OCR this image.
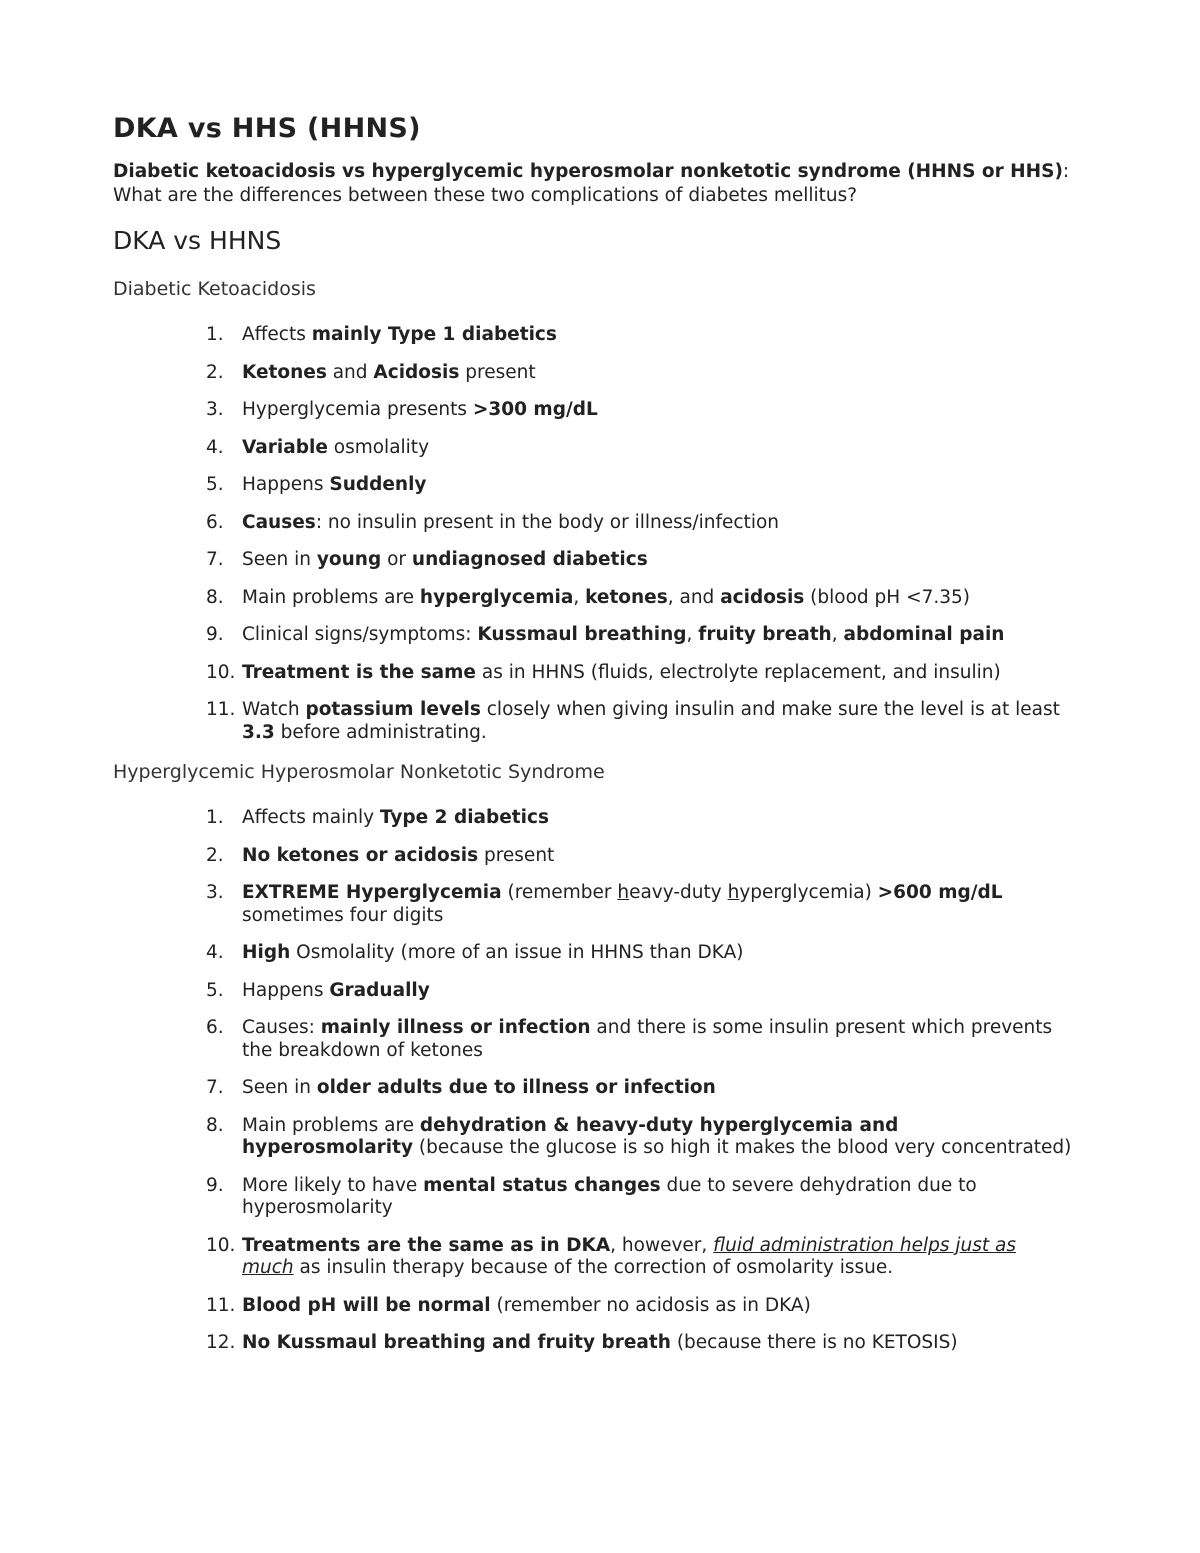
DKA vs HHS (HHNS)

Diabetic ketoacidosis vs hyperglycemic hyperosmolar nonketotic syndrome (HHNS or HHS): What are the differences between these two complications of diabetes mellitus?

DKA vs HHNS
Diabetic Ketoacidosis
1. Affects mainly Type 1 diabetics
2. Ketones and Acidosis present
3. Hyperglycemia presents >300 mg/dL
4. Variable osmolality
5. Happens Suddenly
6. Causes: no insulin present in the body or illness/infection
7. Seen in young or undiagnosed diabetics
8. Main problems are hyperglycemia, ketones, and acidosis (blood pH <7.35)
9. Clinical signs/symptoms: Kussmaul breathing, fruity breath, abdominal pain
10. Treatment is the same as in HHNS (fluids, electrolyte replacement, and insulin)
11. Watch potassium levels closely when giving insulin and make sure the level is at least 3.3 before administrating.
Hyperglycemic Hyperosmolar Nonketotic Syndrome
1. Affects mainly Type 2 diabetics
2. No ketones or acidosis present
3. EXTREME Hyperglycemia (remember heavy-duty hyperglycemia) >600 mg/dL sometimes four digits
4. High Osmolality (more of an issue in HHNS than DKA)
5. Happens Gradually
6. Causes: mainly illness or infection and there is some insulin present which prevents the breakdown of ketones
7. Seen in older adults due to illness or infection
8. Main problems are dehydration & heavy-duty hyperglycemia and hyperosmolarity (because the glucose is so high it makes the blood very concentrated)
9. More likely to have mental status changes due to severe dehydration due to hyperosmolarity
10. Treatments are the same as in DKA, however, fluid administration helps just as much as insulin therapy because of the correction of osmolarity issue.
11. Blood pH will be normal (remember no acidosis as in DKA)
12. No Kussmaul breathing and fruity breath (because there is no KETOSIS)
